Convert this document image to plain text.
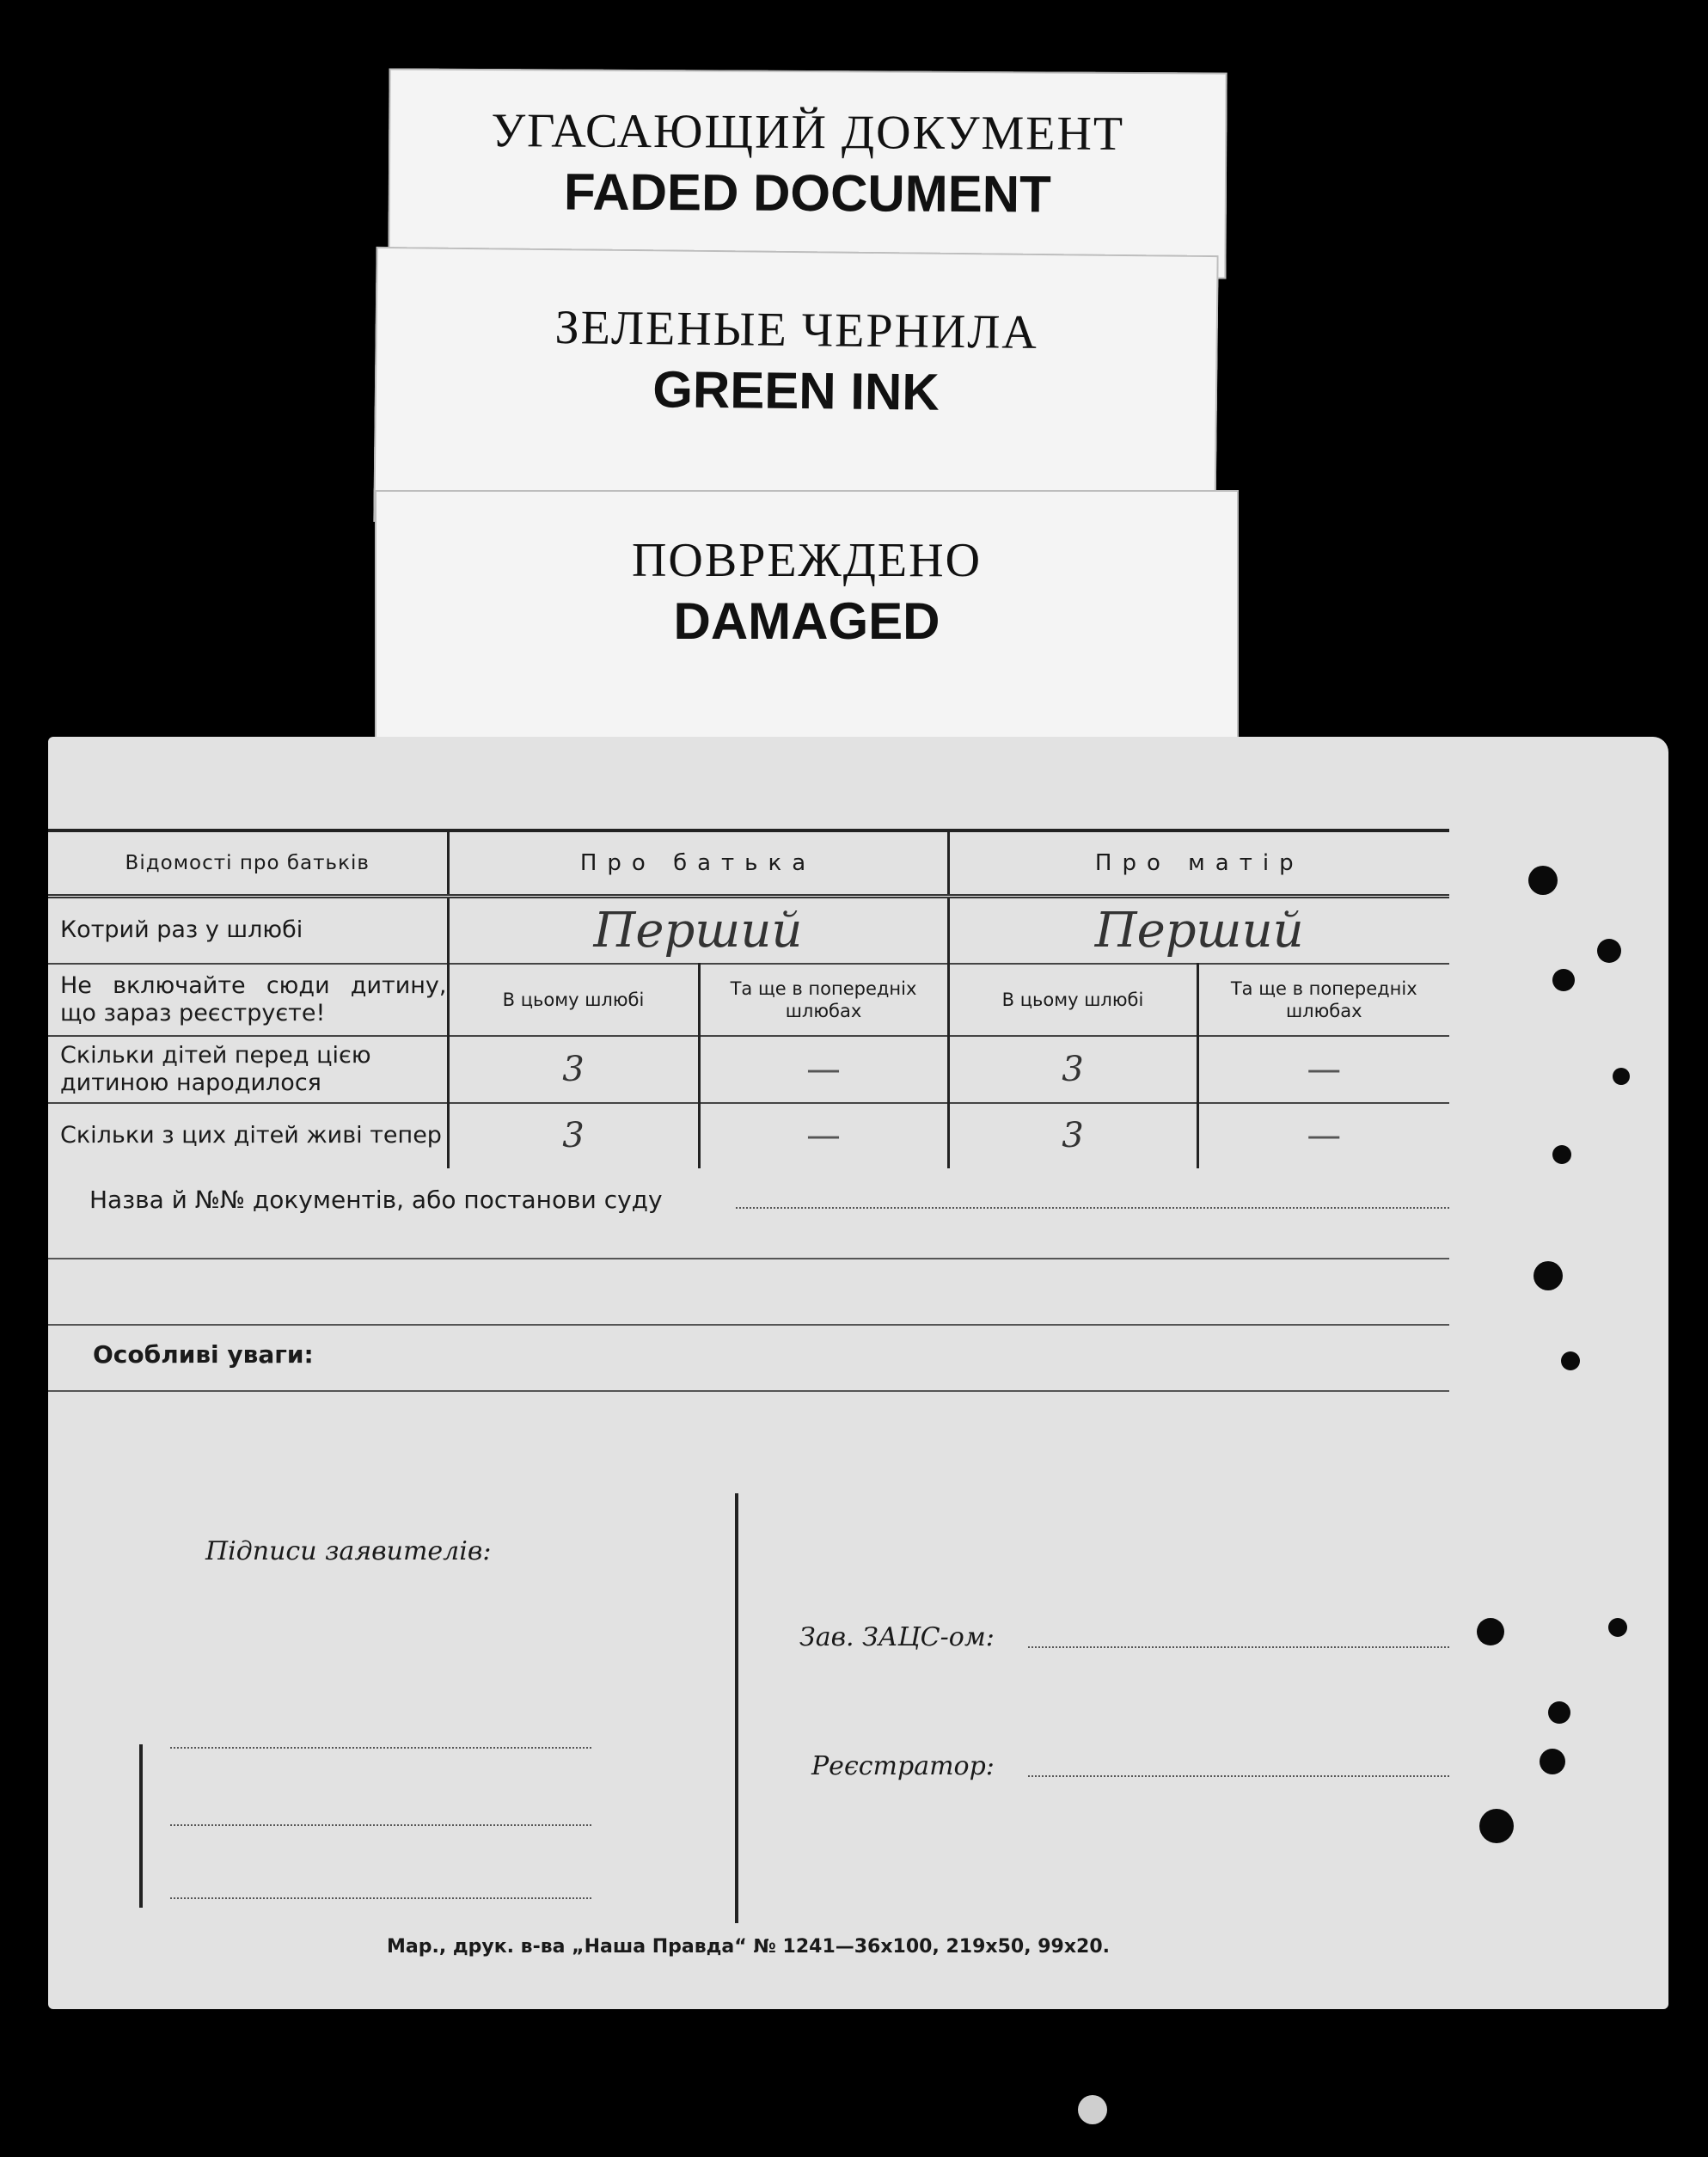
УГАСАЮЩИЙ ДОКУМЕНТ
FADED DOCUMENT
ЗЕЛЕНЫЕ ЧЕРНИЛА
GREEN INK
ПОВРЕЖДЕНО
DAMAGED
Відомості про батьків	Про батька		Про матір	
Котрий раз у шлюбі	Перший		Перший	
Не включайте сюди дитину, що зараз реєструєте!	В цьому шлюбі	Та ще в попередніх шлюбах	В цьому шлюбі	Та ще в попередніх шлюбах
Скільки дітей перед цією дитиною народилося	3	—	3	—
Скільки з цих дітей живі тепер	3	—	3	—
Назва й №№ документів, або постанови суду
Особливі уваги:
Підписи заявителів:
Зав. ЗАЦС-ом:
Реєстратор:
Мар., друк. в-ва „Наша Правда“ № 1241—36х100, 219х50, 99х20.
